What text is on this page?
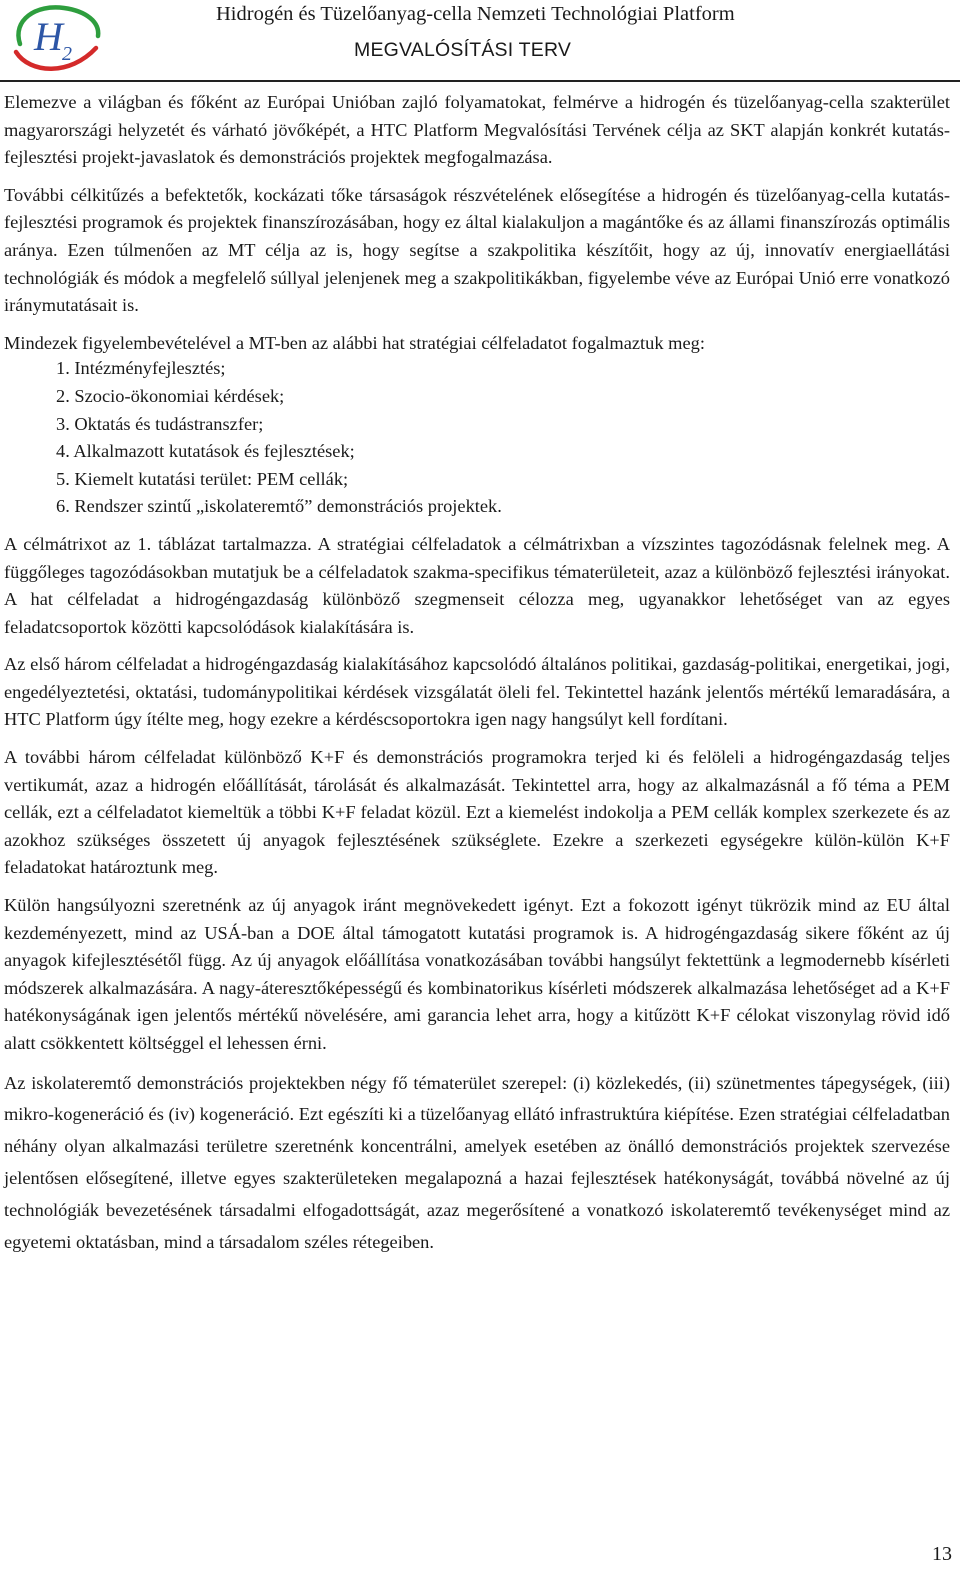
H 2
Hidrogén és Tüzelőanyag-cella Nemzeti Technológiai Platform
MEGVALÓSÍTÁSI TERV

Elemezve a világban és főként az Európai Unióban zajló folyamatokat, felmérve a hidrogén és tüzelőanyag-cella szakterület magyarországi helyzetét és várható jövőképét, a HTC Platform Megvalósítási Tervének célja az SKT alapján konkrét kutatás-fejlesztési projekt-javaslatok és demonstrációs projektek megfogalmazása.

További célkitűzés a befektetők, kockázati tőke társaságok részvételének elősegítése a hidrogén és tüzelőanyag-cella kutatás-fejlesztési programok és projektek finanszírozásában, hogy ez által kialakuljon a magántőke és az állami finanszírozás optimális aránya. Ezen túlmenően az MT célja az is, hogy segítse a szakpolitika készítőit, hogy az új, innovatív energiaellátási technológiák és módok a megfelelő súllyal jelenjenek meg a szakpolitikákban, figyelembe véve az Európai Unió erre vonatkozó iránymutatásait is.

Mindezek figyelembevételével a MT-ben az alábbi hat stratégiai célfeladatot fogalmaztuk meg:

1. Intézményfejlesztés;
2. Szocio-ökonomiai kérdések;
3. Oktatás és tudástranszfer;
4. Alkalmazott kutatások és fejlesztések;
5. Kiemelt kutatási terület: PEM cellák;
6. Rendszer szintű „iskolateremtő” demonstrációs projektek.

A célmátrixot az 1. táblázat tartalmazza. A stratégiai célfeladatok a célmátrixban a vízszintes tagozódásnak felelnek meg. A függőleges tagozódásokban mutatjuk be a célfeladatok szakma-specifikus tématerületeit, azaz a különböző fejlesztési irányokat. A hat célfeladat a hidrogéngazdaság különböző szegmenseit célozza meg, ugyanakkor lehetőséget van az egyes feladatcsoportok közötti kapcsolódások kialakítására is.

Az első három célfeladat a hidrogéngazdaság kialakításához kapcsolódó általános politikai, gazdaság-politikai, energetikai, jogi, engedélyeztetési, oktatási, tudománypolitikai kérdések vizsgálatát öleli fel. Tekintettel hazánk jelentős mértékű lemaradására, a HTC Platform úgy ítélte meg, hogy ezekre a kérdéscsoportokra igen nagy hangsúlyt kell fordítani.

A további három célfeladat különböző K+F és demonstrációs programokra terjed ki és felöleli a hidrogéngazdaság teljes vertikumát, azaz a hidrogén előállítását, tárolását és alkalmazását. Tekintettel arra, hogy az alkalmazásnál a fő téma a PEM cellák, ezt a célfeladatot kiemeltük a többi K+F feladat közül. Ezt a kiemelést indokolja a PEM cellák komplex szerkezete és az azokhoz szükséges összetett új anyagok fejlesztésének szükséglete. Ezekre a szerkezeti egységekre külön-külön K+F feladatokat határoztunk meg.

Külön hangsúlyozni szeretnénk az új anyagok iránt megnövekedett igényt. Ezt a fokozott igényt tükrözik mind az EU által kezdeményezett, mind az USÁ-ban a DOE által támogatott kutatási programok is. A hidrogéngazdaság sikere főként az új anyagok kifejlesztésétől függ. Az új anyagok előállítása vonatkozásában további hangsúlyt fektettünk a legmodernebb kísérleti módszerek alkalmazására. A nagy-áteresztőképességű és kombinatorikus kísérleti módszerek alkalmazása lehetőséget ad a K+F hatékonyságának igen jelentős mértékű növelésére, ami garancia lehet arra, hogy a kitűzött K+F célokat viszonylag rövid idő alatt csökkentett költséggel el lehessen érni.

Az iskolateremtő demonstrációs projektekben négy fő tématerület szerepel: (i) közlekedés, (ii) szünetmentes tápegységek, (iii) mikro-kogeneráció és (iv) kogeneráció. Ezt egészíti ki a tüzelőanyag ellátó infrastruktúra kiépítése. Ezen stratégiai célfeladatban néhány olyan alkalmazási területre szeretnénk koncentrálni, amelyek esetében az önálló demonstrációs projektek szervezése jelentősen elősegítené, illetve egyes szakterületeken megalapozná a hazai fejlesztések hatékonyságát, továbbá növelné az új technológiák bevezetésének társadalmi elfogadottságát, azaz megerősítené a vonatkozó iskolateremtő tevékenységet mind az egyetemi oktatásban, mind a társadalom széles rétegeiben.

13
